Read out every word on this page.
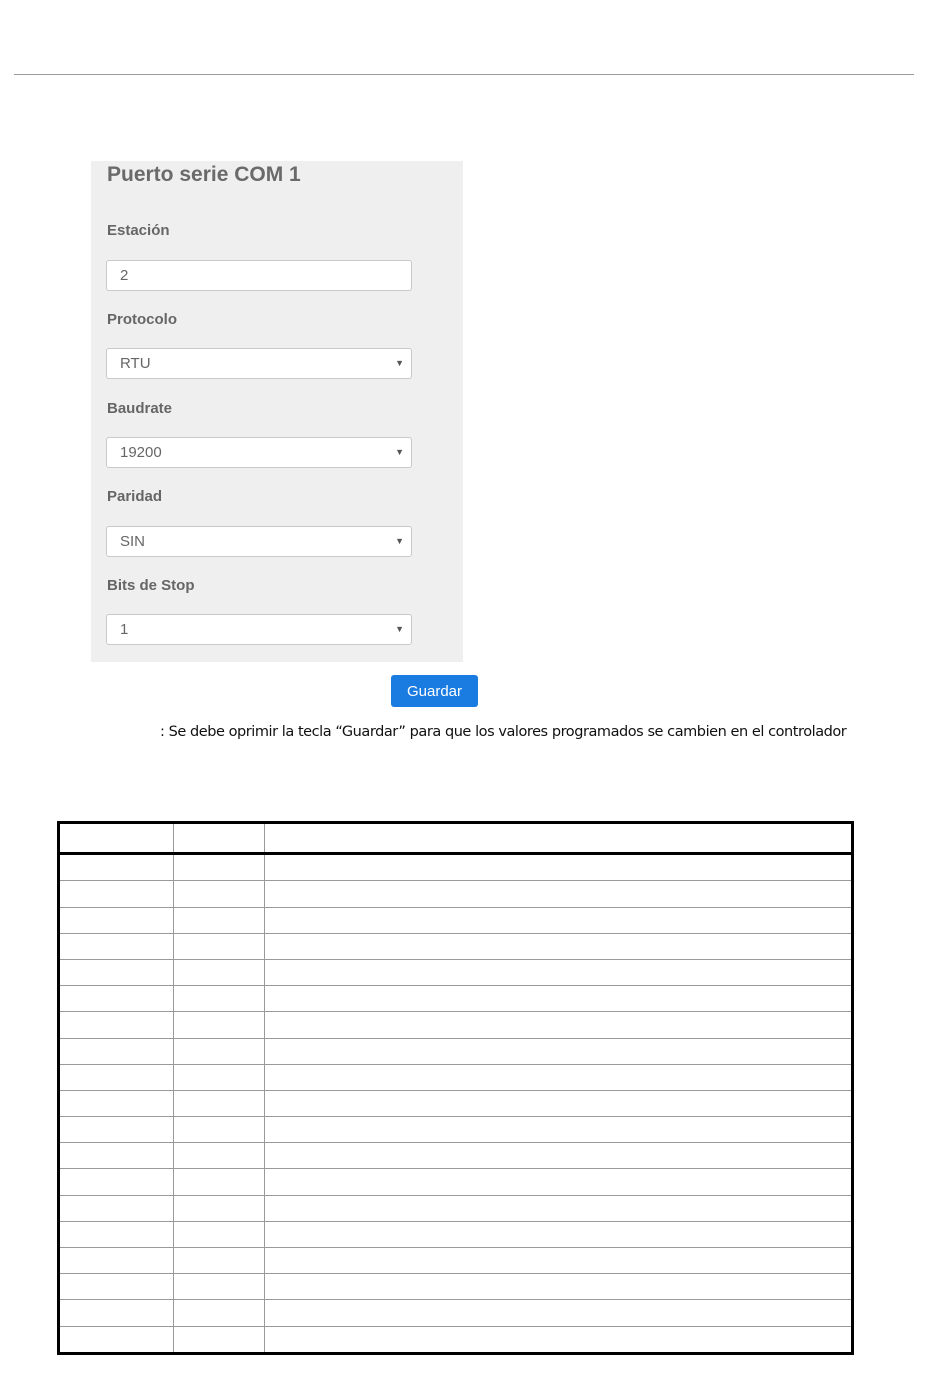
Puerto serie COM 1
Estación
2
Protocolo
RTU	▼
Baudrate
19200	▼
Paridad
SIN	▼
Bits de Stop
1	▼
Guardar
: Se debe oprimir la tecla “Guardar” para que los valores programados se cambien en el controlador
